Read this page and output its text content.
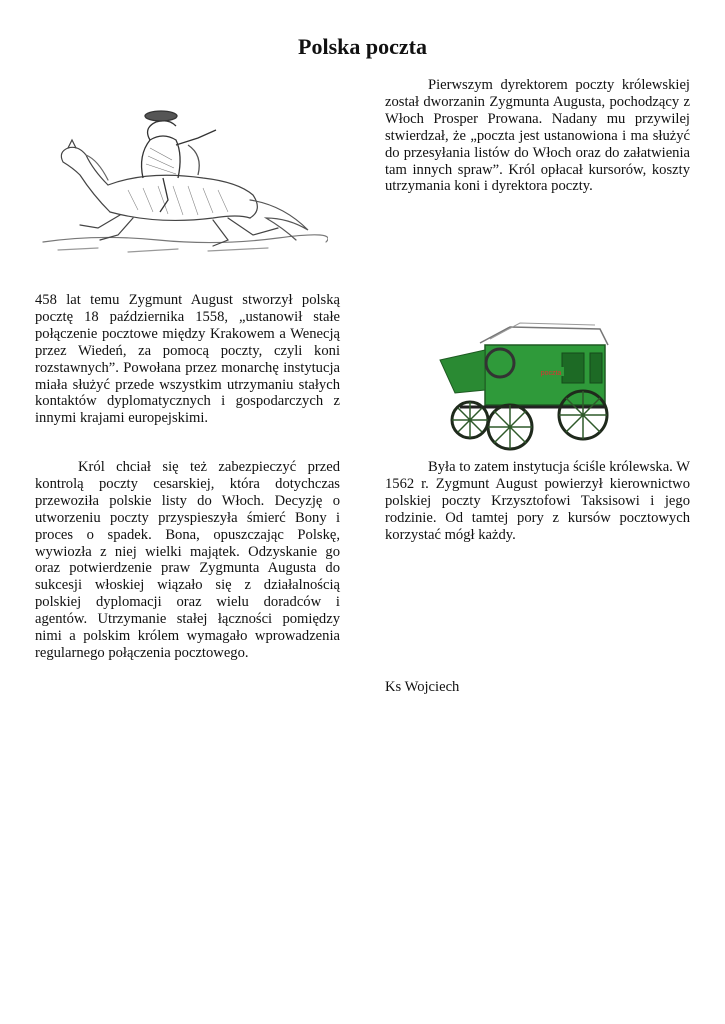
Polska poczta
poczta
Pierwszym dyrektorem poczty królewskiej został dworzanin Zygmunta Augusta, pochodzący z Włoch Prosper Prowana. Nadany mu przywilej stwierdzał, że „poczta jest ustanowiona i ma służyć do przesyłania listów do Włoch oraz do załatwienia tam innych spraw”. Król opłacał kursorów, koszty utrzymania koni i dyrektora poczty.
458 lat temu Zygmunt August stworzył polską pocztę 18 października 1558, „ustanowił stałe połączenie pocztowe między Krakowem a Wenecją przez Wiedeń, za pomocą poczty, czyli koni rozstawnych”. Powołana przez monarchę instytucja miała służyć przede wszystkim utrzymaniu stałych kontaktów dyplomatycznych i gospodarczych z innymi krajami europejskimi.
Król chciał się też zabezpieczyć przed kontrolą poczty cesarskiej, która dotychczas przewoziła polskie listy do Włoch. Decyzję o utworzeniu poczty przyspieszyła śmierć Bony i proces o spadek. Bona, opuszczając Polskę, wywiozła z niej wielki majątek. Odzyskanie go oraz potwierdzenie praw Zygmunta Augusta do sukcesji włoskiej wiązało się z działalnością polskiej dyplomacji oraz wielu doradców i agentów. Utrzymanie stałej łączności pomiędzy nimi a polskim królem wymagało wprowadzenia regularnego połączenia pocztowego.
Była to zatem instytucja ściśle królewska. W 1562 r. Zygmunt August powierzył kierownictwo polskiej poczty Krzysztofowi Taksisowi i jego rodzinie. Od tamtej pory z kursów pocztowych korzystać mógł każdy.
Ks Wojciech
